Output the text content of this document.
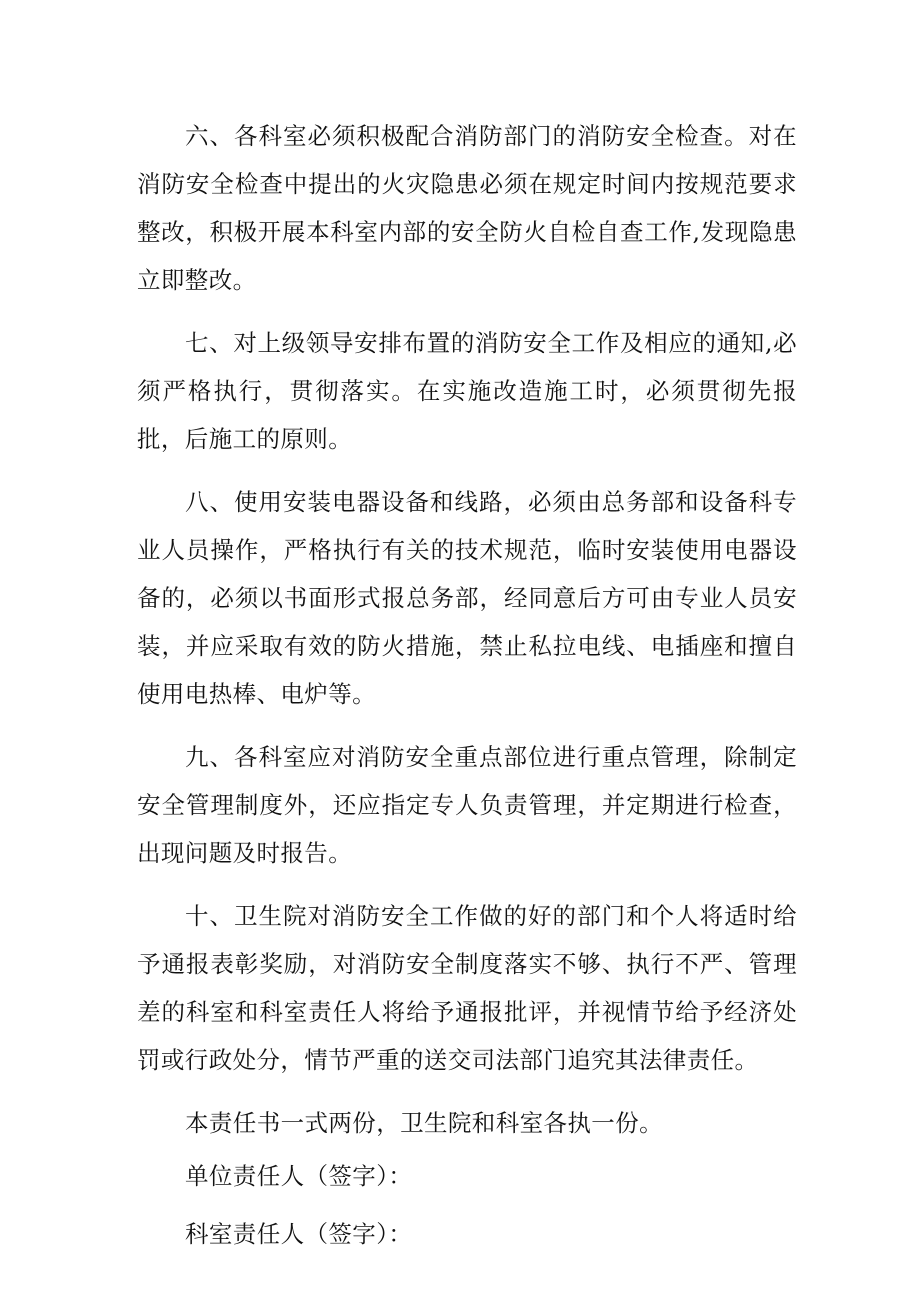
六、各科室必须积极配合消防部门的消防安全检查。对在消防安全检查中提出的火灾隐患必须在规定时间内按规范要求整改，积极开展本科室内部的安全防火自检自查工作,发现隐患立即整改。

七、对上级领导安排布置的消防安全工作及相应的通知,必须严格执行，贯彻落实。在实施改造施工时，必须贯彻先报批，后施工的原则。

八、使用安装电器设备和线路，必须由总务部和设备科专业人员操作，严格执行有关的技术规范，临时安装使用电器设备的，必须以书面形式报总务部，经同意后方可由专业人员安装，并应采取有效的防火措施，禁止私拉电线、电插座和擅自使用电热棒、电炉等。

九、各科室应对消防安全重点部位进行重点管理，除制定安全管理制度外，还应指定专人负责管理，并定期进行检查，出现问题及时报告。

十、卫生院对消防安全工作做的好的部门和个人将适时给予通报表彰奖励，对消防安全制度落实不够、执行不严、管理差的科室和科室责任人将给予通报批评，并视情节给予经济处罚或行政处分，情节严重的送交司法部门追究其法律责任。

本责任书一式两份，卫生院和科室各执一份。

单位责任人（签字）：

科室责任人（签字）：
